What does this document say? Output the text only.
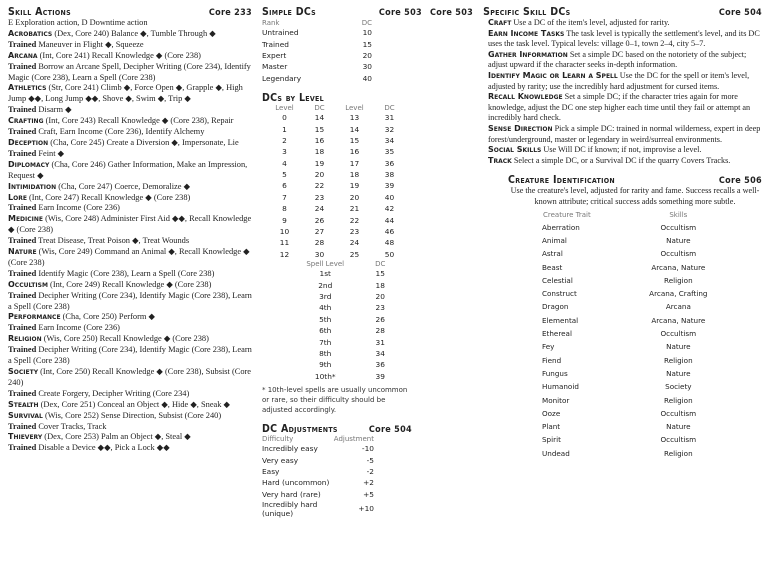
Skill Actions	Core 233

E Exploration action, D Downtime action

Acrobatics (Dex, Core 240) Balance ◆, Tumble Through ◆

Trained Maneuver in Flight ◆, Squeeze

Arcana (Int, Core 241) Recall Knowledge ◆ (Core 238)

Trained Borrow an Arcane Spell, Decipher Writing (Core 234), Identify Magic (Core 238), Learn a Spell (Core 238)

Athletics (Str, Core 241) Climb ◆, Force Open ◆, Grapple ◆, High Jump ◆◆, Long Jump ◆◆, Shove ◆, Swim ◆, Trip ◆

Trained Disarm ◆

Crafting (Int, Core 243) Recall Knowledge ◆ (Core 238), Repair

Trained Craft, Earn Income (Core 236), Identify Alchemy

Deception (Cha, Core 245) Create a Diversion ◆, Impersonate, Lie

Trained Feint ◆

Diplomacy (Cha, Core 246) Gather Information, Make an Impression, Request ◆

Intimidation (Cha, Core 247) Coerce, Demoralize ◆

Lore (Int, Core 247) Recall Knowledge ◆ (Core 238)

Trained Earn Income (Core 236)

Medicine (Wis, Core 248) Administer First Aid ◆◆, Recall Knowledge ◆ (Core 238)

Trained Treat Disease, Treat Poison ◆, Treat Wounds

Nature (Wis, Core 249) Command an Animal ◆, Recall Knowledge ◆ (Core 238)

Trained Identify Magic (Core 238), Learn a Spell (Core 238)

Occultism (Int, Core 249) Recall Knowledge ◆ (Core 238)

Trained Decipher Writing (Core 234), Identify Magic (Core 238), Learn a Spell (Core 238)

Performance (Cha, Core 250) Perform ◆

Trained Earn Income (Core 236)

Religion (Wis, Core 250) Recall Knowledge ◆ (Core 238)

Trained Decipher Writing (Core 234), Identify Magic (Core 238), Learn a Spell (Core 238)

Society (Int, Core 250) Recall Knowledge ◆ (Core 238), Subsist (Core 240)

Trained Create Forgery, Decipher Writing (Core 234)

Stealth (Dex, Core 251) Conceal an Object ◆, Hide ◆, Sneak ◆

Survival (Wis, Core 252) Sense Direction, Subsist (Core 240)

Trained Cover Tracks, Track

Thievery (Dex, Core 253) Palm an Object ◆, Steal ◆

Trained Disable a Device ◆◆, Pick a Lock ◆◆

Simple DCs	Core 503
Rank	DC
Untrained	10
Trained	15
Expert	20
Master	30
Legendary	40
DCs by Level
Level	DC	Level	DC
0	14	13	31
1	15	14	32
2	16	15	34
3	18	16	35
4	19	17	36
5	20	18	38
6	22	19	39
7	23	20	40
8	24	21	42
9	26	22	44
10	27	23	46
11	28	24	48
12	30	25	50
Spell Level	DC
1st	15
2nd	18
3rd	20
4th	23
5th	26
6th	28
7th	31
8th	34
9th	36
10th*	39
* 10th-level spells are usually uncommon or rare, so their difficulty should be adjusted accordingly.
DC Adjustments	Core 504
Difficulty	Adjustment
Incredibly easy	-10
Very easy	-5
Easy	-2
Hard (uncommon)	+2
Very hard (rare)	+5
Incredibly hard (unique)	+10
Core 503 Specific Skill DCs	Core 504

Craft Use a DC of the item's level, adjusted for rarity.

Earn Income Tasks The task level is typically the settlement's level, and its DC uses the task level. Typical levels: village 0–1, town 2–4, city 5–7.

Gather Information Set a simple DC based on the notoriety of the subject; adjust upward if the character seeks in-depth information.

Identify Magic or Learn a Spell Use the DC for the spell or item's level, adjusted by rarity; use the incredibly hard adjustment for cursed items.

Recall Knowledge Set a simple DC; if the character tries again for more knowledge, adjust the DC one step higher each time until they fail or attempt an incredibly hard check.

Sense Direction Pick a simple DC: trained in normal wilderness, expert in deep forest/underground, master or legendary in weird/surreal environments.

Social Skills Use Will DC if known; if not, improvise a level.

Track Select a simple DC, or a Survival DC if the quarry Covers Tracks.

Creature Identification	Core 506

Use the creature's level, adjusted for rarity and fame. Success recalls a well-known attribute; critical success adds something more subtle.

Creature Trait	Skills
Aberration	Occultism
Animal	Nature
Astral	Occultism
Beast	Arcana, Nature
Celestial	Religion
Construct	Arcana, Crafting
Dragon	Arcana
Elemental	Arcana, Nature
Ethereal	Occultism
Fey	Nature
Fiend	Religion
Fungus	Nature
Humanoid	Society
Monitor	Religion
Ooze	Occultism
Plant	Nature
Spirit	Occultism
Undead	Religion
